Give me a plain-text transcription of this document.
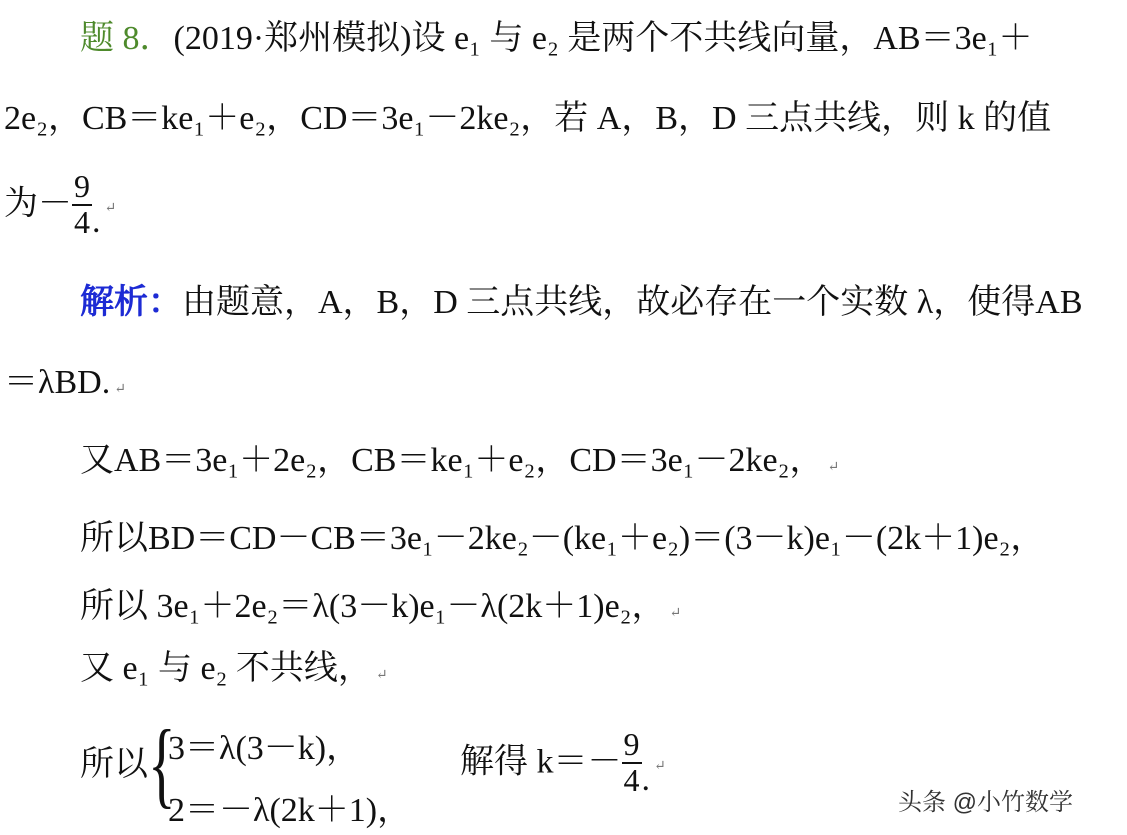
题 8．(2019·郑州模拟)设 e₁ 与 e₂ 是两个不共线向量，AB＝3e₁＋
2e₂，CB＝ke₁＋e₂，CD＝3e₁－2ke₂，若 A，B，D 三点共线，则 k 的值
为－ $\frac{9}{4}$ . ↵
解析：由题意，A，B，D 三点共线，故必存在一个实数 λ，使得AB
＝λBD. ↵
又AB＝3e₁＋2e₂，CB＝ke₁＋e₂，CD＝3e₁－2ke₂， ↵
所以BD＝CD－CB＝3e₁－2ke₂－(ke₁＋e₂)＝(3－k)e₁－(2k＋1)e₂，
所以 3e₁＋2e₂＝λ(3－k)e₁－λ(2k＋1)e₂， ↵
又 e₁ 与 e₂ 不共线， ↵
所以 {
3＝λ(3－k)，
2＝－λ(2k＋1)，
解得 $k=- \frac{9}{4}$ . ↵
头条 @小竹数学
